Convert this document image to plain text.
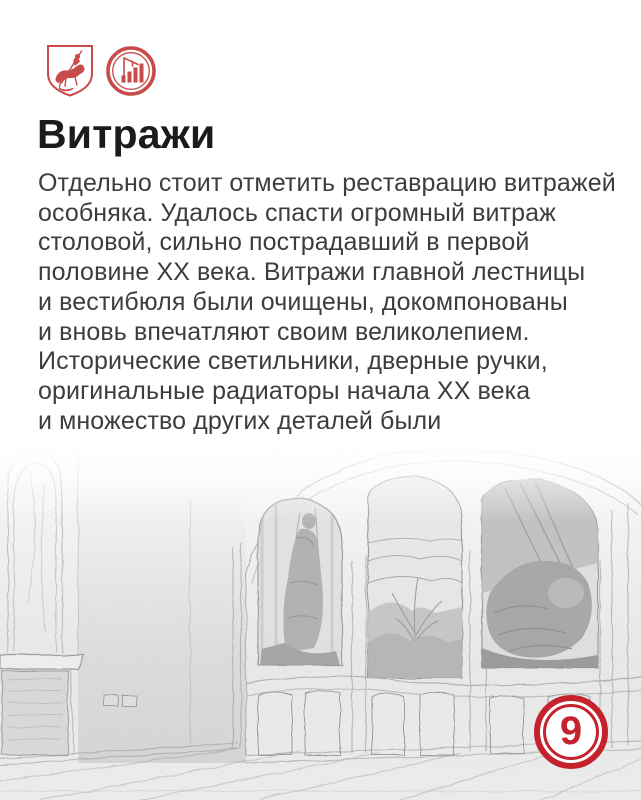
Витражи
Отдельно стоит отметить реставрацию витражей
особняка. Удалось спасти огромный витраж
столовой, сильно пострадавший в первой
половине XX века. Витражи главной лестницы
и вестибюля были очищены, докомпонованы
и вновь впечатляют своим великолепием.
Исторические светильники, дверные ручки,
оригинальные радиаторы начала XX века
и множество других деталей были
9
